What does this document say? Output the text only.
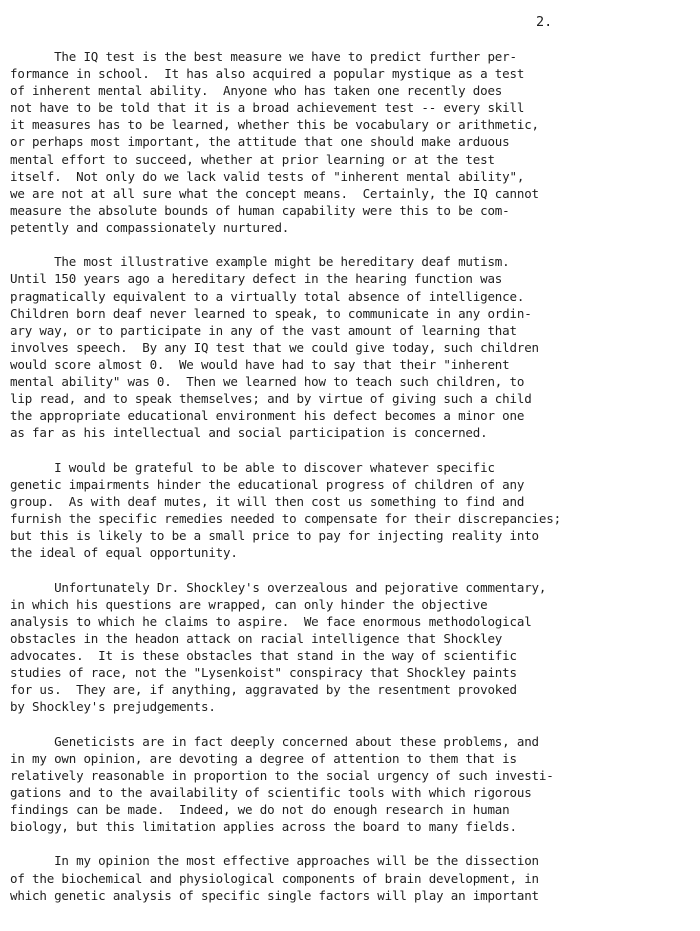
2.
The IQ test is the best measure we have to predict further per-
formance in school.  It has also acquired a popular mystique as a test
of inherent mental ability.  Anyone who has taken one recently does
not have to be told that it is a broad achievement test -- every skill
it measures has to be learned, whether this be vocabulary or arithmetic,
or perhaps most important, the attitude that one should make arduous
mental effort to succeed, whether at prior learning or at the test
itself.  Not only do we lack valid tests of "inherent mental ability",
we are not at all sure what the concept means.  Certainly, the IQ cannot
measure the absolute bounds of human capability were this to be com-
petently and compassionately nurtured.
The most illustrative example might be hereditary deaf mutism.
Until 150 years ago a hereditary defect in the hearing function was
pragmatically equivalent to a virtually total absence of intelligence.
Children born deaf never learned to speak, to communicate in any ordin-
ary way, or to participate in any of the vast amount of learning that
involves speech.  By any IQ test that we could give today, such children
would score almost 0.  We would have had to say that their "inherent
mental ability" was 0.  Then we learned how to teach such children, to
lip read, and to speak themselves; and by virtue of giving such a child
the appropriate educational environment his defect becomes a minor one
as far as his intellectual and social participation is concerned.
I would be grateful to be able to discover whatever specific
genetic impairments hinder the educational progress of children of any
group.  As with deaf mutes, it will then cost us something to find and
furnish the specific remedies needed to compensate for their discrepancies;
but this is likely to be a small price to pay for injecting reality into
the ideal of equal opportunity.
Unfortunately Dr. Shockley's overzealous and pejorative commentary,
in which his questions are wrapped, can only hinder the objective
analysis to which he claims to aspire.  We face enormous methodological
obstacles in the headon attack on racial intelligence that Shockley
advocates.  It is these obstacles that stand in the way of scientific
studies of race, not the "Lysenkoist" conspiracy that Shockley paints
for us.  They are, if anything, aggravated by the resentment provoked
by Shockley's prejudgements.
Geneticists are in fact deeply concerned about these problems, and
in my own opinion, are devoting a degree of attention to them that is
relatively reasonable in proportion to the social urgency of such investi-
gations and to the availability of scientific tools with which rigorous
findings can be made.  Indeed, we do not do enough research in human
biology, but this limitation applies across the board to many fields.
In my opinion the most effective approaches will be the dissection
of the biochemical and physiological components of brain development, in
which genetic analysis of specific single factors will play an important
